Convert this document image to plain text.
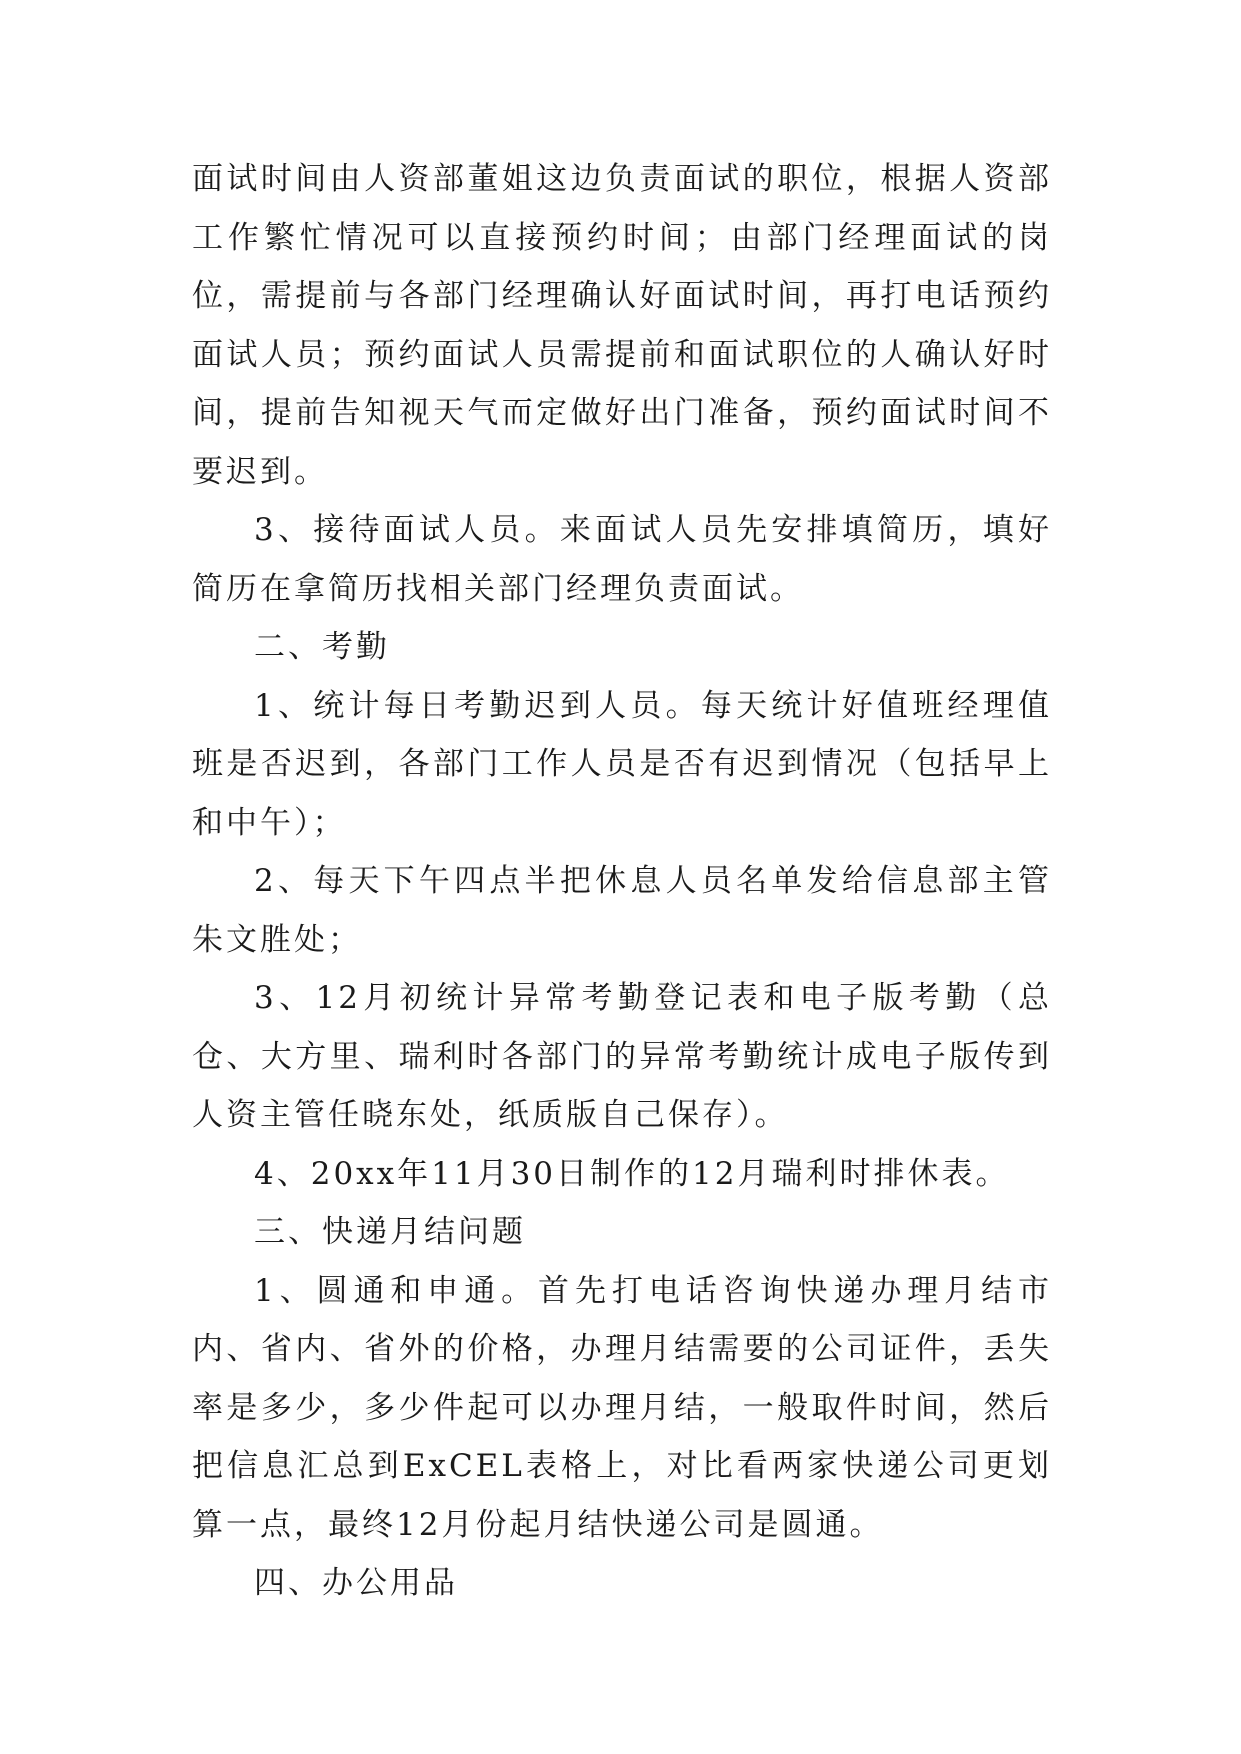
面试时间由人资部董姐这边负责面试的职位，根据人资部工作繁忙情况可以直接预约时间；由部门经理面试的岗位，需提前与各部门经理确认好面试时间，再打电话预约面试人员；预约面试人员需提前和面试职位的人确认好时间，提前告知视天气而定做好出门准备，预约面试时间不要迟到。

3、接待面试人员。来面试人员先安排填简历，填好简历在拿简历找相关部门经理负责面试。

二、考勤

1、统计每日考勤迟到人员。每天统计好值班经理值班是否迟到，各部门工作人员是否有迟到情况（包括早上和中午）；

2、每天下午四点半把休息人员名单发给信息部主管朱文胜处；

3、12月初统计异常考勤登记表和电子版考勤（总仓、大方里、瑞利时各部门的异常考勤统计成电子版传到人资主管任晓东处，纸质版自己保存）。

4、20xx年11月30日制作的12月瑞利时排休表。

三、快递月结问题

1、圆通和申通。首先打电话咨询快递办理月结市内、省内、省外的价格，办理月结需要的公司证件，丢失率是多少，多少件起可以办理月结，一般取件时间，然后把信息汇总到ExCEL表格上，对比看两家快递公司更划算一点，最终12月份起月结快递公司是圆通。

四、办公用品
